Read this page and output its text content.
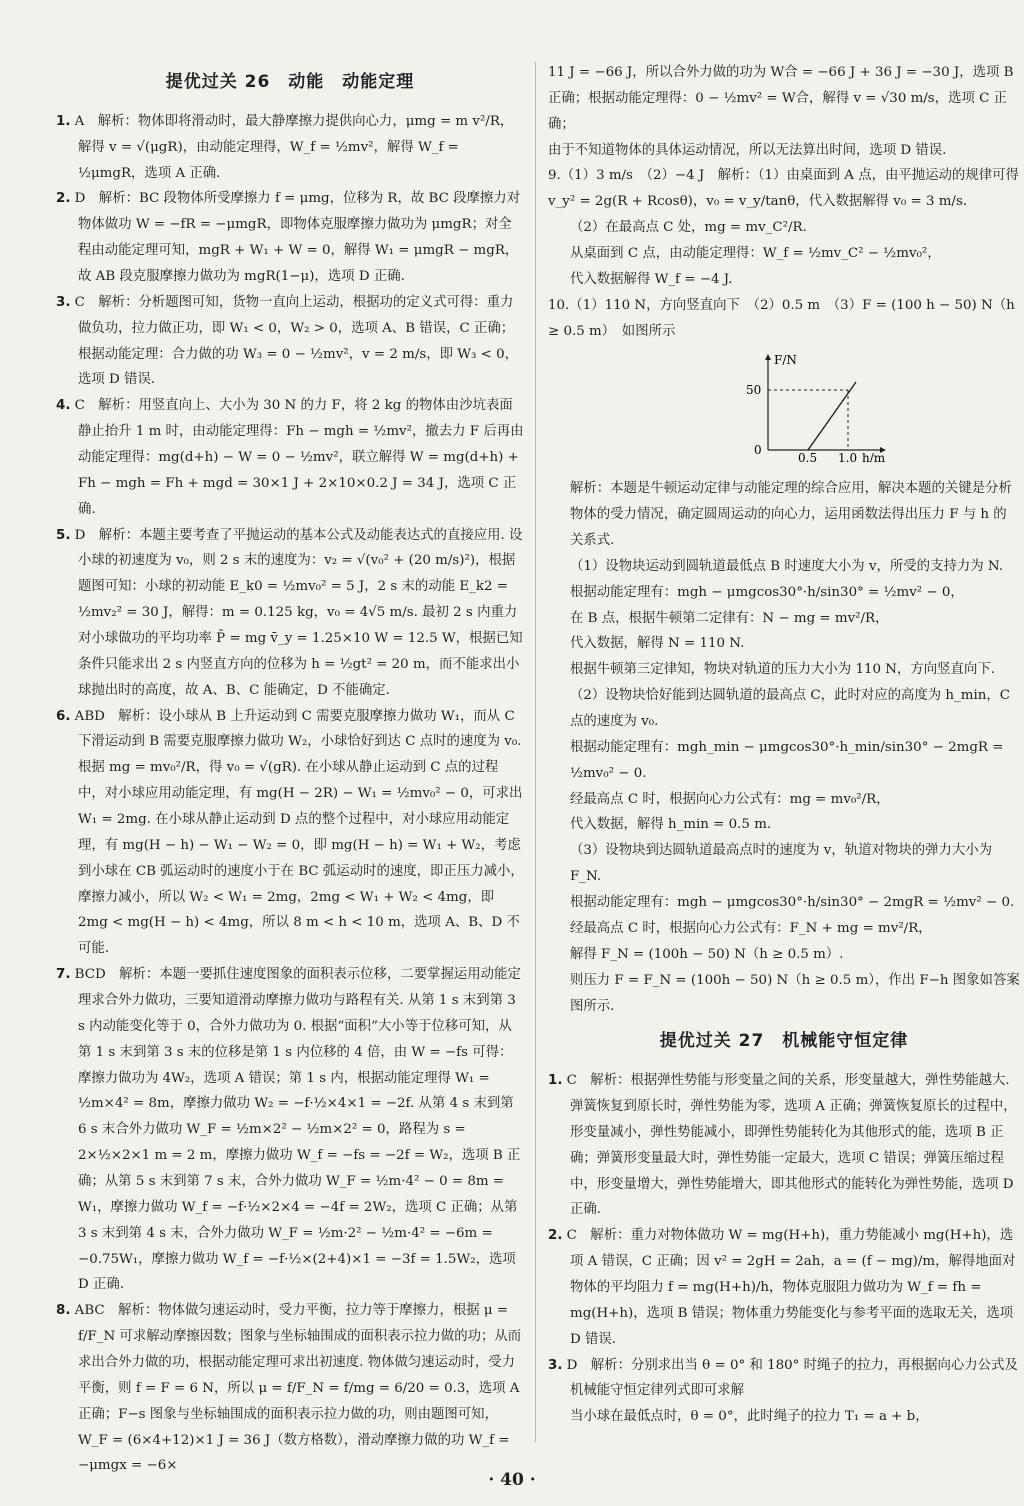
提优过关 26　动能　动能定理

1. A　解析：物体即将滑动时，最大静摩擦力提供向心力，μmg = m v²/R，解得 v = √(μgR)，由动能定理得，W_f = ½mv²，解得 W_f = ½μmgR，选项 A 正确.

2. D　解析：BC 段物体所受摩擦力 f = μmg，位移为 R，故 BC 段摩擦力对物体做功 W = −fR = −μmgR，即物体克服摩擦力做功为 μmgR；对全程由动能定理可知，mgR + W₁ + W = 0，解得 W₁ = μmgR − mgR，故 AB 段克服摩擦力做功为 mgR(1−μ)，选项 D 正确.

3. C　解析：分析题图可知，货物一直向上运动，根据功的定义式可得：重力做负功，拉力做正功，即 W₁ < 0，W₂ > 0，选项 A、B 错误，C 正确；根据动能定理：合力做的功 W₃ = 0 − ½mv²，v = 2 m/s，即 W₃ < 0，选项 D 错误.

4. C　解析：用竖直向上、大小为 30 N 的力 F，将 2 kg 的物体由沙坑表面静止抬升 1 m 时，由动能定理得：Fh − mgh = ½mv²，撤去力 F 后再由动能定理得：mg(d+h) − W = 0 − ½mv²，联立解得 W = mg(d+h) + Fh − mgh = Fh + mgd = 30×1 J + 2×10×0.2 J = 34 J，选项 C 正确.

5. D　解析：本题主要考查了平抛运动的基本公式及动能表达式的直接应用. 设小球的初速度为 v₀，则 2 s 末的速度为：v₂ = √(v₀² + (20 m/s)²)，根据题图可知：小球的初动能 E_k0 = ½mv₀² = 5 J，2 s 末的动能 E_k2 = ½mv₂² = 30 J，解得：m = 0.125 kg，v₀ = 4√5 m/s. 最初 2 s 内重力对小球做功的平均功率 P̄ = mg v̄_y = 1.25×10 W = 12.5 W，根据已知条件只能求出 2 s 内竖直方向的位移为 h = ½gt² = 20 m，而不能求出小球抛出时的高度，故 A、B、C 能确定，D 不能确定.

6. ABD　解析：设小球从 B 上升运动到 C 需要克服摩擦力做功 W₁，而从 C 下滑运动到 B 需要克服摩擦力做功 W₂，小球恰好到达 C 点时的速度为 v₀. 根据 mg = mv₀²/R，得 v₀ = √(gR). 在小球从静止运动到 C 点的过程中，对小球应用动能定理，有 mg(H − 2R) − W₁ = ½mv₀² − 0，可求出 W₁ = 2mg. 在小球从静止运动到 D 点的整个过程中，对小球应用动能定理，有 mg(H − h) − W₁ − W₂ = 0，即 mg(H − h) = W₁ + W₂，考虑到小球在 CB 弧运动时的速度小于在 BC 弧运动时的速度，即正压力减小，摩擦力减小，所以 W₂ < W₁ = 2mg，2mg < W₁ + W₂ < 4mg，即 2mg < mg(H − h) < 4mg，所以 8 m < h < 10 m，选项 A、B、D 不可能.

7. BCD　解析：本题一要抓住速度图象的面积表示位移，二要掌握运用动能定理求合外力做功，三要知道滑动摩擦力做功与路程有关. 从第 1 s 末到第 3 s 内动能变化等于 0，合外力做功为 0. 根据“面积”大小等于位移可知，从第 1 s 末到第 3 s 末的位移是第 1 s 内位移的 4 倍，由 W = −fs 可得：摩擦力做功为 4W₂，选项 A 错误；第 1 s 内，根据动能定理得 W₁ = ½m×4² = 8m，摩擦力做功 W₂ = −f·½×4×1 = −2f. 从第 4 s 末到第 6 s 末合外力做功 W_F = ½m×2² − ½m×2² = 0，路程为 s = 2×½×2×1 m = 2 m，摩擦力做功 W_f = −fs = −2f = W₂，选项 B 正确；从第 5 s 末到第 7 s 末，合外力做功 W_F = ½m·4² − 0 = 8m = W₁，摩擦力做功 W_f = −f·½×2×4 = −4f = 2W₂，选项 C 正确；从第 3 s 末到第 4 s 末，合外力做功 W_F = ½m·2² − ½m·4² = −6m = −0.75W₁，摩擦力做功 W_f = −f·½×(2+4)×1 = −3f = 1.5W₂，选项 D 正确.

8. ABC　解析：物体做匀速运动时，受力平衡，拉力等于摩擦力，根据 μ = f/F_N 可求解动摩擦因数；图象与坐标轴围成的面积表示拉力做的功；从而求出合外力做的功，根据动能定理可求出初速度. 物体做匀速运动时，受力平衡，则 f = F = 6 N，所以 μ = f/F_N = f/mg = 6/20 = 0.3，选项 A 正确；F−s 图象与坐标轴围成的面积表示拉力做的功，则由题图可知，W_F = (6×4+12)×1 J = 36 J（数方格数），滑动摩擦力做的功 W_f = −μmgx = −6×

11 J = −66 J，所以合外力做的功为 W合 = −66 J + 36 J = −30 J，选项 B 正确；根据动能定理得：0 − ½mv² = W合，解得 v = √30 m/s，选项 C 正确；

由于不知道物体的具体运动情况，所以无法算出时间，选项 D 错误.

9.（1）3 m/s　（2）−4 J　解析：（1）由桌面到 A 点，由平抛运动的规律可得 v_y² = 2g(R + Rcosθ)，v₀ = v_y/tanθ，代入数据解得 v₀ = 3 m/s.

（2）在最高点 C 处，mg = mv_C²/R.

从桌面到 C 点，由动能定理得：W_f = ½mv_C² − ½mv₀²，

代入数据解得 W_f = −4 J.

10.（1）110 N，方向竖直向下　（2）0.5 m　（3）F = (100 h − 50) N（h ≥ 0.5 m）　如图所示

F/N
50
0
0.5 1.0 h/m

解析：本题是牛顿运动定律与动能定理的综合应用，解决本题的关键是分析物体的受力情况，确定圆周运动的向心力，运用函数法得出压力 F 与 h 的关系式.

（1）设物块运动到圆轨道最低点 B 时速度大小为 v，所受的支持力为 N.

根据动能定理有：mgh − μmgcos30°·h/sin30° = ½mv² − 0，

在 B 点，根据牛顿第二定律有：N − mg = mv²/R，

代入数据，解得 N = 110 N.

根据牛顿第三定律知，物块对轨道的压力大小为 110 N，方向竖直向下.

（2）设物块恰好能到达圆轨道的最高点 C，此时对应的高度为 h_min，C 点的速度为 v₀.

根据动能定理有：mgh_min − μmgcos30°·h_min/sin30° − 2mgR = ½mv₀² − 0.

经最高点 C 时，根据向心力公式有：mg = mv₀²/R，

代入数据，解得 h_min = 0.5 m.

（3）设物块到达圆轨道最高点时的速度为 v，轨道对物块的弹力大小为 F_N.

根据动能定理有：mgh − μmgcos30°·h/sin30° − 2mgR = ½mv² − 0.

经最高点 C 时，根据向心力公式有：F_N + mg = mv²/R，

解得 F_N = (100h − 50) N（h ≥ 0.5 m）.

则压力 F = F_N = (100h − 50) N（h ≥ 0.5 m），作出 F−h 图象如答案图所示.

提优过关 27　机械能守恒定律

1. C　解析：根据弹性势能与形变量之间的关系，形变量越大，弹性势能越大. 弹簧恢复到原长时，弹性势能为零，选项 A 正确；弹簧恢复原长的过程中，形变量减小，弹性势能减小，即弹性势能转化为其他形式的能，选项 B 正确；弹簧形变量最大时，弹性势能一定最大，选项 C 错误；弹簧压缩过程中，形变量增大，弹性势能增大，即其他形式的能转化为弹性势能，选项 D 正确.

2. C　解析：重力对物体做功 W = mg(H+h)，重力势能减小 mg(H+h)，选项 A 错误，C 正确；因 v² = 2gH = 2ah，a = (f − mg)/m，解得地面对物体的平均阻力 f = mg(H+h)/h，物体克服阻力做功为 W_f = fh = mg(H+h)，选项 B 错误；物体重力势能变化与参考平面的选取无关，选项 D 错误.

3. D　解析：分别求出当 θ = 0° 和 180° 时绳子的拉力，再根据向心力公式及机械能守恒定律列式即可求解

当小球在最低点时，θ = 0°，此时绳子的拉力 T₁ = a + b，

· 40 ·
